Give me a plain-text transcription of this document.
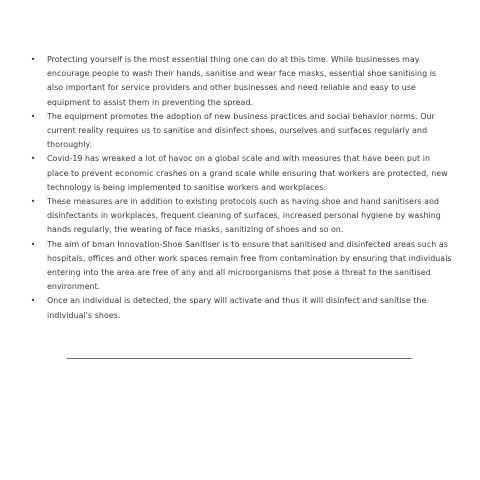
•	Protecting yourself is the most essential thing one can do at this time. While businesses may encourage people to wash their hands, sanitise and wear face masks, essential shoe sanitising is also important for service providers and other businesses and need reliable and easy to use equipment to assist them in preventing the spread.
•	The equipment promotes the adoption of new business practices and social behavior norms. Our current reality requires us to sanitise and disinfect shoes, ourselves and surfaces regularly and thoroughly.
•	Covid-19 has wreaked a lot of havoc on a global scale and with measures that have been put in place to prevent economic crashes on a grand scale while ensuring that workers are protected, new technology is being implemented to sanitise workers and workplaces.
•	These measures are in addition to existing protocols such as having shoe and hand sanitisers and disinfectants in workplaces, frequent cleaning of surfaces, increased personal hygiene by washing hands regularly, the wearing of face masks, sanitizing of shoes and so on.
•	The aim of bman Innovation-Shoe Sanitiser is to ensure that sanitised and disinfected areas such as hospitals, offices and other work spaces remain free from contamination by ensuring that individuals entering into the area are free of any and all microorganisms that pose a threat to the sanitised environment.
•	Once an individual is detected, the spary will activate and thus it will disinfect and sanitise the individual's shoes.
